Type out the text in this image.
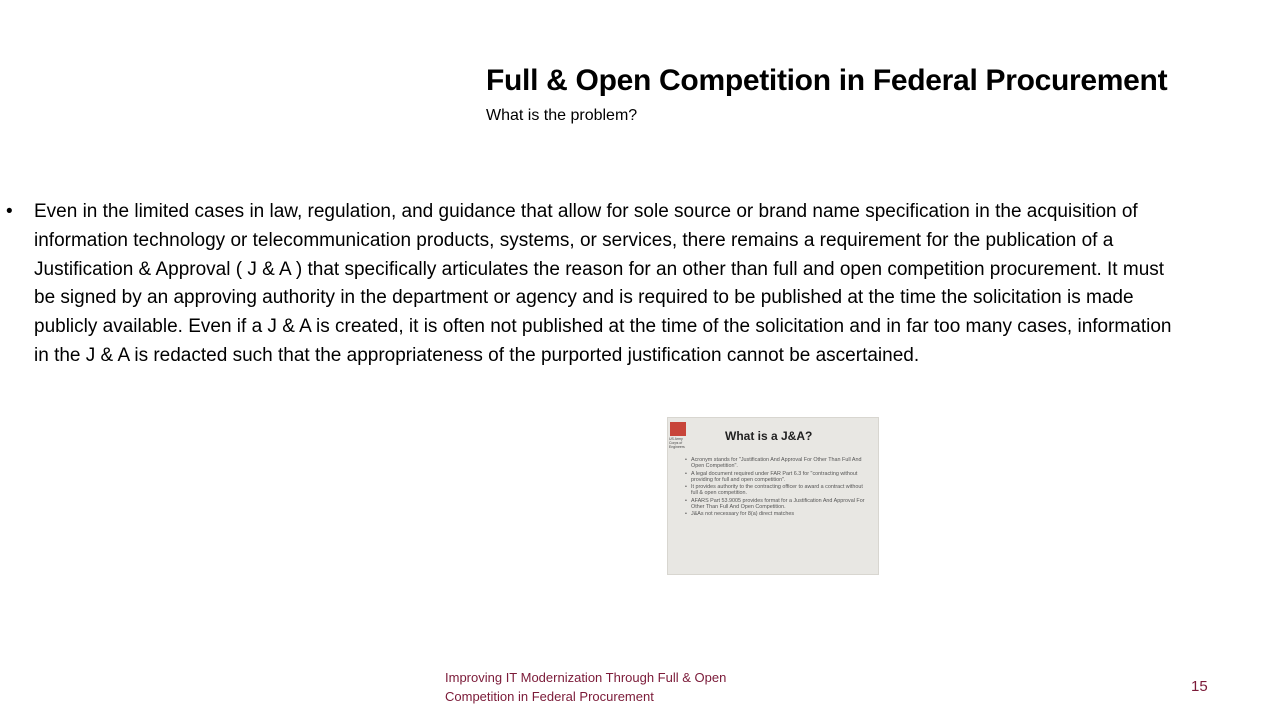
Full & Open Competition in Federal Procurement
What is the problem?
•	Even in the limited cases in law, regulation, and guidance that allow for sole source or brand name specification in the acquisition of information technology or telecommunication products, systems, or services, there remains a requirement for the publication of a Justification & Approval ( J & A ) that specifically articulates the reason for an other than full and open competition procurement. It must be signed by an approving authority in the department or agency and is required to be published at the time the solicitation is made publicly available. Even if a J & A is created, it is often not published at the time of the solicitation and in far too many cases, information in the J & A is redacted such that the appropriateness of the purported justification cannot be ascertained.
US Army Corps of Engineers
What is a J&A?
• Acronym stands for "Justification And Approval For Other Than Full And Open Competition".
• A legal document required under FAR Part 6.3 for "contracting without providing for full and open competition".
• It provides authority to the contracting officer to award a contract without full & open competition.
• AFARS Part 53.9005 provides format for a Justification And Approval For Other Than Full And Open Competition.
• J&As not necessary for 8(a) direct matches
Improving IT Modernization Through Full & Open Competition in Federal Procurement
15
